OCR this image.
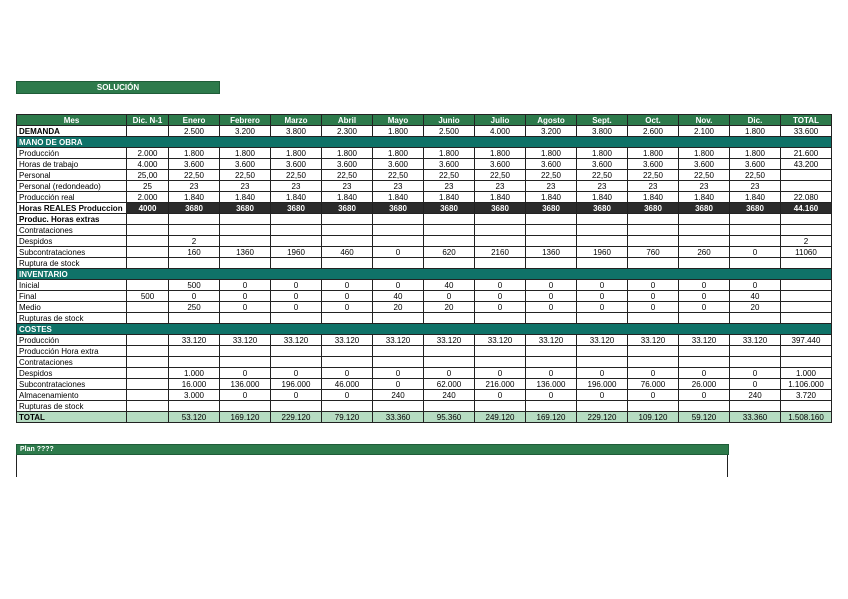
SOLUCIÓN
Mes	Dic. N-1	Enero	Febrero	Marzo	Abril	Mayo	Junio	Julio	Agosto	Sept.	Oct.	Nov.	Dic.	TOTAL
DEMANDA		2.500	3.200	3.800	2.300	1.800	2.500	4.000	3.200	3.800	2.600	2.100	1.800	33.600
MANO DE OBRA														
Producción	2.000	1.800	1.800	1.800	1.800	1.800	1.800	1.800	1.800	1.800	1.800	1.800	1.800	21.600
Horas de trabajo	4.000	3.600	3.600	3.600	3.600	3.600	3.600	3.600	3.600	3.600	3.600	3.600	3.600	43.200
Personal	25,00	22,50	22,50	22,50	22,50	22,50	22,50	22,50	22,50	22,50	22,50	22,50	22,50	
Personal (redondeado)	25	23	23	23	23	23	23	23	23	23	23	23	23	
Producción real	2.000	1.840	1.840	1.840	1.840	1.840	1.840	1.840	1.840	1.840	1.840	1.840	1.840	22.080
Horas REALES Produccion	4000	3680	3680	3680	3680	3680	3680	3680	3680	3680	3680	3680	3680	44.160
Produc. Horas extras														
Contrataciones														
Despidos		2												2
Subcontrataciones		160	1360	1960	460	0	620	2160	1360	1960	760	260	0	11060
Ruptura de stock														
INVENTARIO														
Inicial		500	0	0	0	0	40	0	0	0	0	0	0	
Final	500	0	0	0	0	40	0	0	0	0	0	0	40	
Medio		250	0	0	0	20	20	0	0	0	0	0	20	
Rupturas de stock														
COSTES														
Producción		33.120	33.120	33.120	33.120	33.120	33.120	33.120	33.120	33.120	33.120	33.120	33.120	397.440
Producción Hora extra														
Contrataciones														
Despidos		1.000	0	0	0	0	0	0	0	0	0	0	0	1.000
Subcontrataciones		16.000	136.000	196.000	46.000	0	62.000	216.000	136.000	196.000	76.000	26.000	0	1.106.000
Almacenamiento		3.000	0	0	0	240	240	0	0	0	0	0	240	3.720
Rupturas de stock														
TOTAL		53.120	169.120	229.120	79.120	33.360	95.360	249.120	169.120	229.120	109.120	59.120	33.360	1.508.160
Plan ????
